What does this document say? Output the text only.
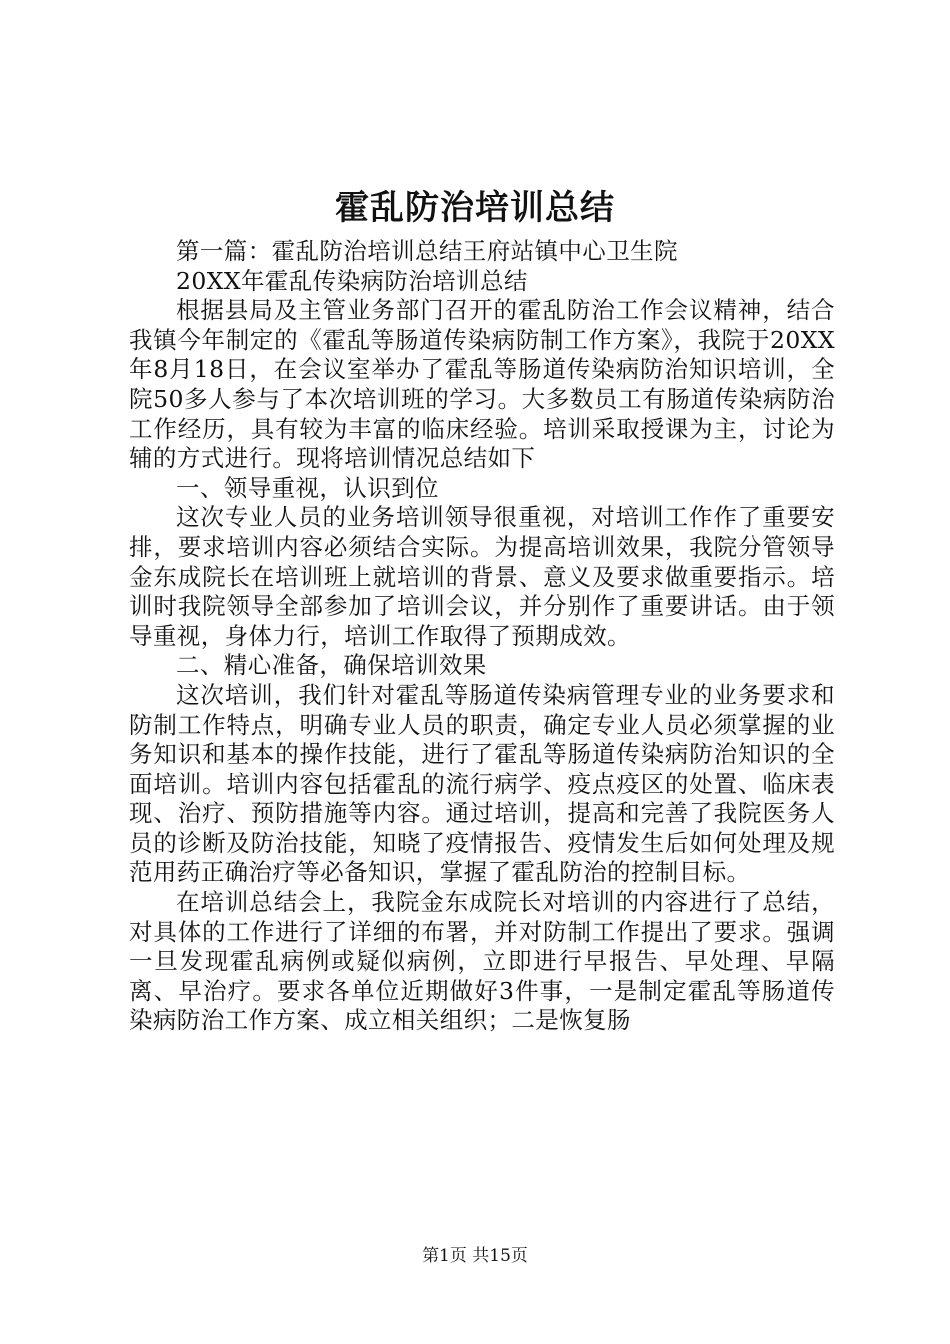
霍乱防治培训总结

第一篇：霍乱防治培训总结王府站镇中心卫生院

20XX年霍乱传染病防治培训总结

根据县局及主管业务部门召开的霍乱防治工作会议精神，结合我镇今年制定的《霍乱等肠道传染病防制工作方案》，我院于20XX年8月18日，在会议室举办了霍乱等肠道传染病防治知识培训，全院50多人参与了本次培训班的学习。大多数员工有肠道传染病防治工作经历，具有较为丰富的临床经验。培训采取授课为主，讨论为辅的方式进行。现将培训情况总结如下

一、领导重视，认识到位

这次专业人员的业务培训领导很重视，对培训工作作了重要安排，要求培训内容必须结合实际。为提高培训效果，我院分管领导金东成院长在培训班上就培训的背景、意义及要求做重要指示。培训时我院领导全部参加了培训会议，并分别作了重要讲话。由于领导重视，身体力行，培训工作取得了预期成效。

二、精心准备，确保培训效果

这次培训，我们针对霍乱等肠道传染病管理专业的业务要求和防制工作特点，明确专业人员的职责，确定专业人员必须掌握的业务知识和基本的操作技能，进行了霍乱等肠道传染病防治知识的全面培训。培训内容包括霍乱的流行病学、疫点疫区的处置、临床表现、治疗、预防措施等内容。通过培训，提高和完善了我院医务人员的诊断及防治技能，知晓了疫情报告、疫情发生后如何处理及规范用药正确治疗等必备知识，掌握了霍乱防治的控制目标。

在培训总结会上，我院金东成院长对培训的内容进行了总结，对具体的工作进行了详细的布署，并对防制工作提出了要求。强调一旦发现霍乱病例或疑似病例，立即进行早报告、早处理、早隔离、早治疗。要求各单位近期做好3件事，一是制定霍乱等肠道传染病防治工作方案、成立相关组织；二是恢复肠

第1页 共15页
